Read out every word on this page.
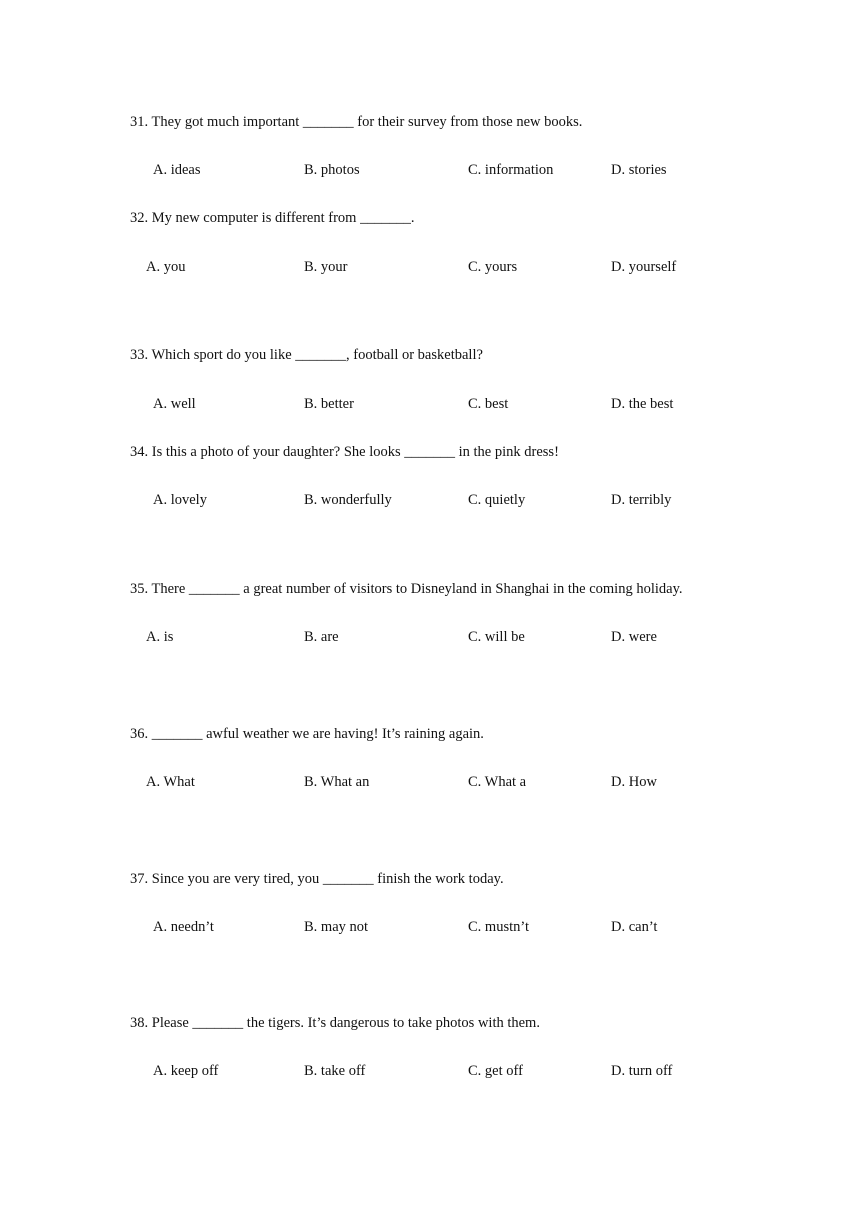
31. They got much important _______ for their survey from those new books.
A. ideas	B. photos	C. information	D. stories
32. My new computer is different from _______.
A. you	B. your	C. yours	D. yourself
33. Which sport do you like _______, football or basketball?
A. well	B. better	C. best	D. the best
34. Is this a photo of your daughter? She looks _______ in the pink dress!
A. lovely	B. wonderfully	C. quietly	D. terribly
35. There _______ a great number of visitors to Disneyland in Shanghai in the coming holiday.
A. is	B. are	C. will be	D. were
36. _______ awful weather we are having! It’s raining again.
A. What	B. What an	C. What a	D. How
37. Since you are very tired, you _______ finish the work today.
A. needn’t	B. may not	C. mustn’t	D. can’t
38. Please _______ the tigers. It’s dangerous to take photos with them.
A. keep off	B. take off	C. get off	D. turn off
